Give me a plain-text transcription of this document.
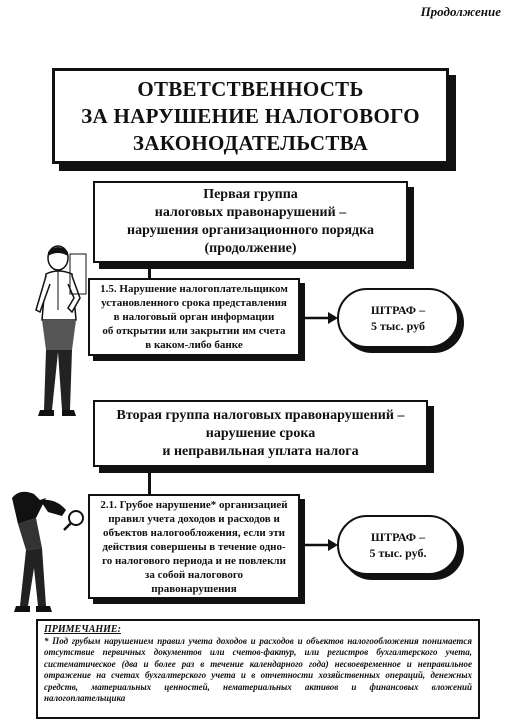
Продолжение
ОТВЕТСТВЕННОСТЬ
ЗА НАРУШЕНИЕ НАЛОГОВОГО
ЗАКОНОДАТЕЛЬСТВА
Первая группа
налоговых правонарушений –
нарушения организационного порядка
(продолжение)
1.5. Нарушение налогоплательщиком
установленного срока представления
в налоговый орган информации
об открытии или закрытии им счета
в каком-либо банке
ШТРАФ –
5 тыс. руб
Вторая группа налоговых правонарушений –
нарушение срока
и неправильная уплата налога
2.1. Грубое нарушение* организацией
правил учета доходов и расходов и
объектов налогообложения, если эти
действия совершены в течение одно-
го налогового периода и не повлекли
за собой налогового
правонарушения
ШТРАФ –
5 тыс. руб.
ПРИМЕЧАНИЕ:
* Под грубым нарушением правил учета доходов и расходов и объектов налогообложения понимается отсутствие первичных документов или счетов-фактур, или регистров бухгалтерского учета, систематическое (два и более раз в течение календарного года) несвоевременное и неправильное отражение на счетах бухгалтерского учета и в отчетности хозяйственных операций, денежных средств, материальных ценностей, нематериальных активов и финансовых вложений налогоплательщика
